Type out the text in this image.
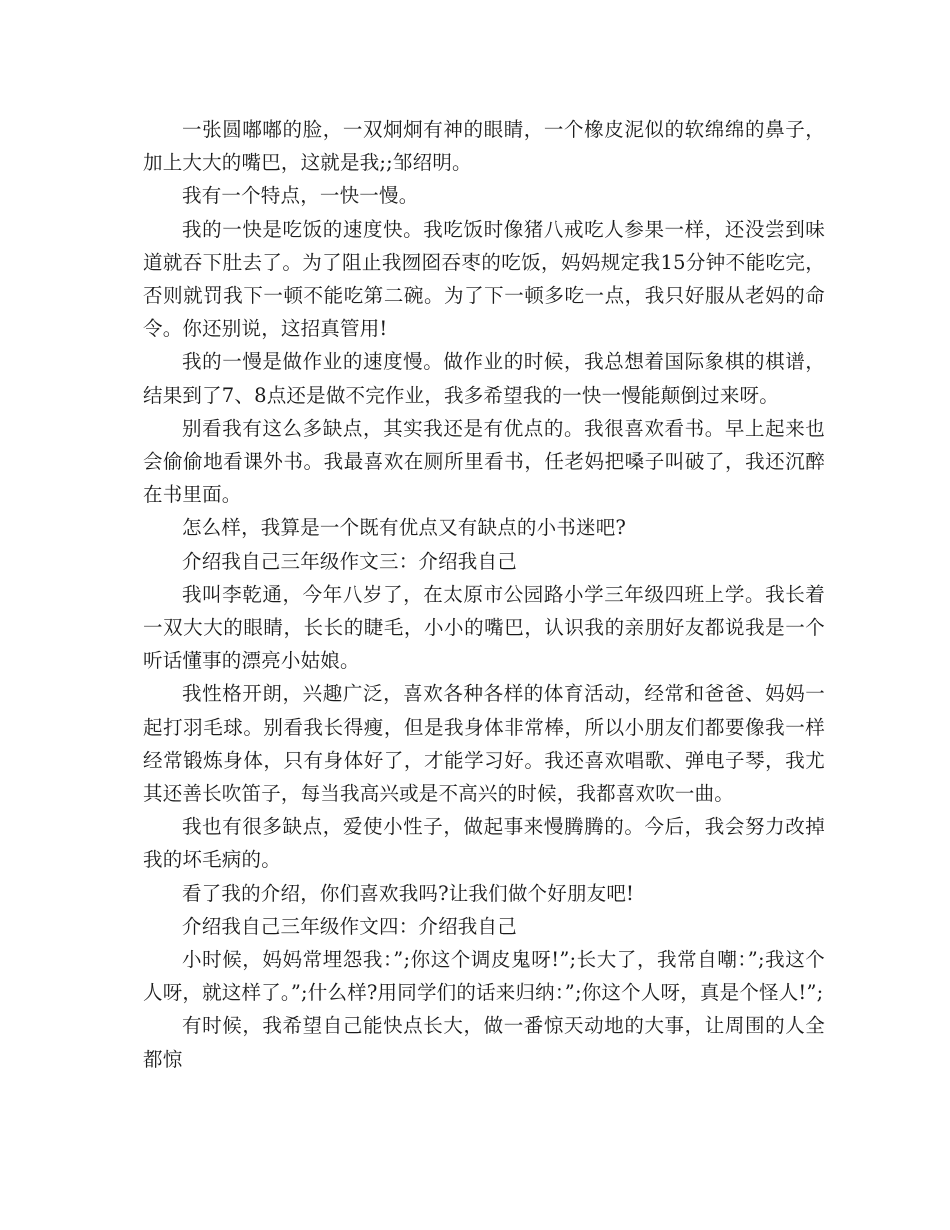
一张圆嘟嘟的脸，一双炯炯有神的眼睛，一个橡皮泥似的软绵绵的鼻子，加上大大的嘴巴，这就是我;;邹绍明。

我有一个特点，一快一慢。

我的一快是吃饭的速度快。我吃饭时像猪八戒吃人参果一样，还没尝到味道就吞下肚去了。为了阻止我囫囵吞枣的吃饭，妈妈规定我15分钟不能吃完，否则就罚我下一顿不能吃第二碗。为了下一顿多吃一点，我只好服从老妈的命令。你还别说，这招真管用!

我的一慢是做作业的速度慢。做作业的时候，我总想着国际象棋的棋谱，结果到了7、8点还是做不完作业，我多希望我的一快一慢能颠倒过来呀。

别看我有这么多缺点，其实我还是有优点的。我很喜欢看书。早上起来也会偷偷地看课外书。我最喜欢在厕所里看书，任老妈把嗓子叫破了，我还沉醉在书里面。

怎么样，我算是一个既有优点又有缺点的小书迷吧?

介绍我自己三年级作文三：介绍我自己

我叫李乾通，今年八岁了，在太原市公园路小学三年级四班上学。我长着一双大大的眼睛，长长的睫毛，小小的嘴巴，认识我的亲朋好友都说我是一个听话懂事的漂亮小姑娘。

我性格开朗，兴趣广泛，喜欢各种各样的体育活动，经常和爸爸、妈妈一起打羽毛球。别看我长得瘦，但是我身体非常棒，所以小朋友们都要像我一样经常锻炼身体，只有身体好了，才能学习好。我还喜欢唱歌、弹电子琴，我尤其还善长吹笛子，每当我高兴或是不高兴的时候，我都喜欢吹一曲。

我也有很多缺点，爱使小性子，做起事来慢腾腾的。今后，我会努力改掉我的坏毛病的。

看了我的介绍，你们喜欢我吗?让我们做个好朋友吧!

介绍我自己三年级作文四：介绍我自己

小时候，妈妈常埋怨我：”;你这个调皮鬼呀!”;长大了，我常自嘲：”;我这个人呀，就这样了。”;什么样?用同学们的话来归纳：”;你这个人呀，真是个怪人!”;

有时候，我希望自己能快点长大，做一番惊天动地的大事，让周围的人全都惊
